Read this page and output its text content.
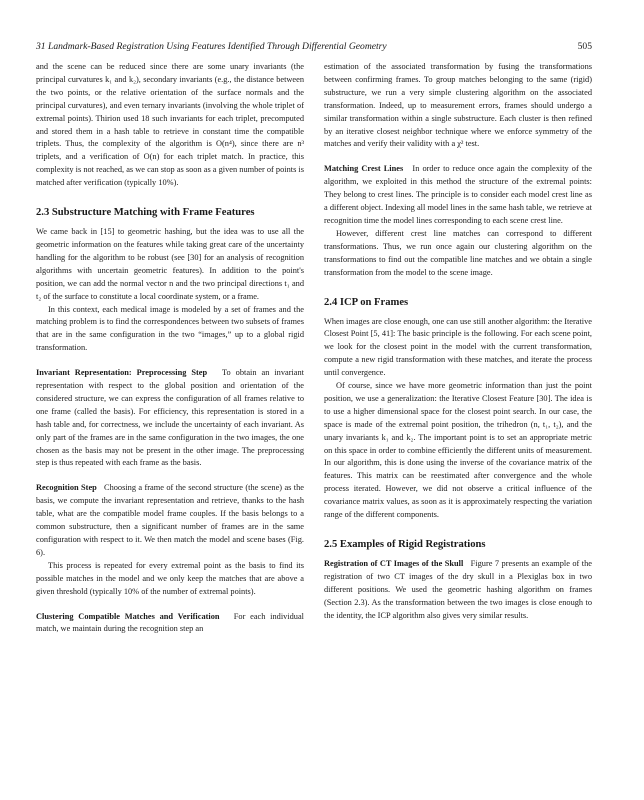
31 Landmark-Based Registration Using Features Identified Through Differential Geometry	505

and the scene can be reduced since there are some unary invariants (the principal curvatures k₁ and k₂), secondary invariants (e.g., the distance between the two points, or the relative orientation of the surface normals and the principal curvatures), and even ternary invariants (involving the whole triplet of extremal points). Thirion used 18 such invariants for each triplet, precomputed and stored them in a hash table to retrieve in constant time the compatible triplets. Thus, the complexity of the algorithm is O(n⁴), since there are n³ triplets, and a verification of O(n) for each triplet match. In practice, this complexity is not reached, as we can stop as soon as a given number of points is matched after verification (typically 10%).

2.3 Substructure Matching with Frame Features

We came back in [15] to geometric hashing, but the idea was to use all the geometric information on the features while taking great care of the uncertainty handling for the algorithm to be robust (see [30] for an analysis of recognition algorithms with uncertain geometric features). In addition to the point's position, we can add the normal vector n and the two principal directions t₁ and t₂ of the surface to constitute a local coordinate system, or a frame.

In this context, each medical image is modeled by a set of frames and the matching problem is to find the correspondences between two subsets of frames that are in the same configuration in the two “images,” up to a global rigid transformation.

Invariant Representation: Preprocessing Step To obtain an invariant representation with respect to the global position and orientation of the considered structure, we can express the configuration of all frames relative to one frame (called the basis). For efficiency, this representation is stored in a hash table and, for correctness, we include the uncertainty of each invariant. As only part of the frames are in the same configuration in the two images, the one chosen as the basis may not be present in the other image. The preprocessing step is thus repeated with each frame as the basis.

Recognition Step Choosing a frame of the second structure (the scene) as the basis, we compute the invariant representation and retrieve, thanks to the hash table, what are the compatible model frame couples. If the basis belongs to a common substructure, then a significant number of frames are in the same configuration with respect to it. We then match the model and scene bases (Fig. 6).

This process is repeated for every extremal point as the basis to find its possible matches in the model and we only keep the matches that are above a given threshold (typically 10% of the number of extremal points).

Clustering Compatible Matches and Verification For each individual match, we maintain during the recognition step an

estimation of the associated transformation by fusing the transformations between confirming frames. To group matches belonging to the same (rigid) substructure, we run a very simple clustering algorithm on the associated transformation. Indeed, up to measurement errors, frames should undergo a similar transformation within a single substructure. Each cluster is then refined by an iterative closest neighbor technique where we enforce symmetry of the matches and verify their validity with a χ² test.

Matching Crest Lines In order to reduce once again the complexity of the algorithm, we exploited in this method the structure of the extremal points: They belong to crest lines. The principle is to consider each model crest line as a different object. Indexing all model lines in the same hash table, we retrieve at recognition time the model lines corresponding to each scene crest line.

However, different crest line matches can correspond to different transformations. Thus, we run once again our clustering algorithm on the transformations to find out the compatible line matches and we obtain a single transformation from the model to the scene image.

2.4 ICP on Frames

When images are close enough, one can use still another algorithm: the Iterative Closest Point [5, 41]: The basic principle is the following. For each scene point, we look for the closest point in the model with the current transformation, compute a new rigid transformation with these matches, and iterate the process until convergence.

Of course, since we have more geometric information than just the point position, we use a generalization: the Iterative Closest Feature [30]. The idea is to use a higher dimensional space for the closest point search. In our case, the space is made of the extremal point position, the trihedron (n, t₁, t₂), and the unary invariants k₁ and k₂. The important point is to set an appropriate metric on this space in order to combine efficiently the different units of measurement. In our algorithm, this is done using the inverse of the covariance matrix of the features. This matrix can be reestimated after convergence and the whole process iterated. However, we did not observe a critical influence of the covariance matrix values, as soon as it is approximately respecting the variation range of the different components.

2.5 Examples of Rigid Registrations

Registration of CT Images of the Skull Figure 7 presents an example of the registration of two CT images of the dry skull in a Plexiglas box in two different positions. We used the geometric hashing algorithm on frames (Section 2.3). As the transformation between the two images is close enough to the identity, the ICP algorithm also gives very similar results.
